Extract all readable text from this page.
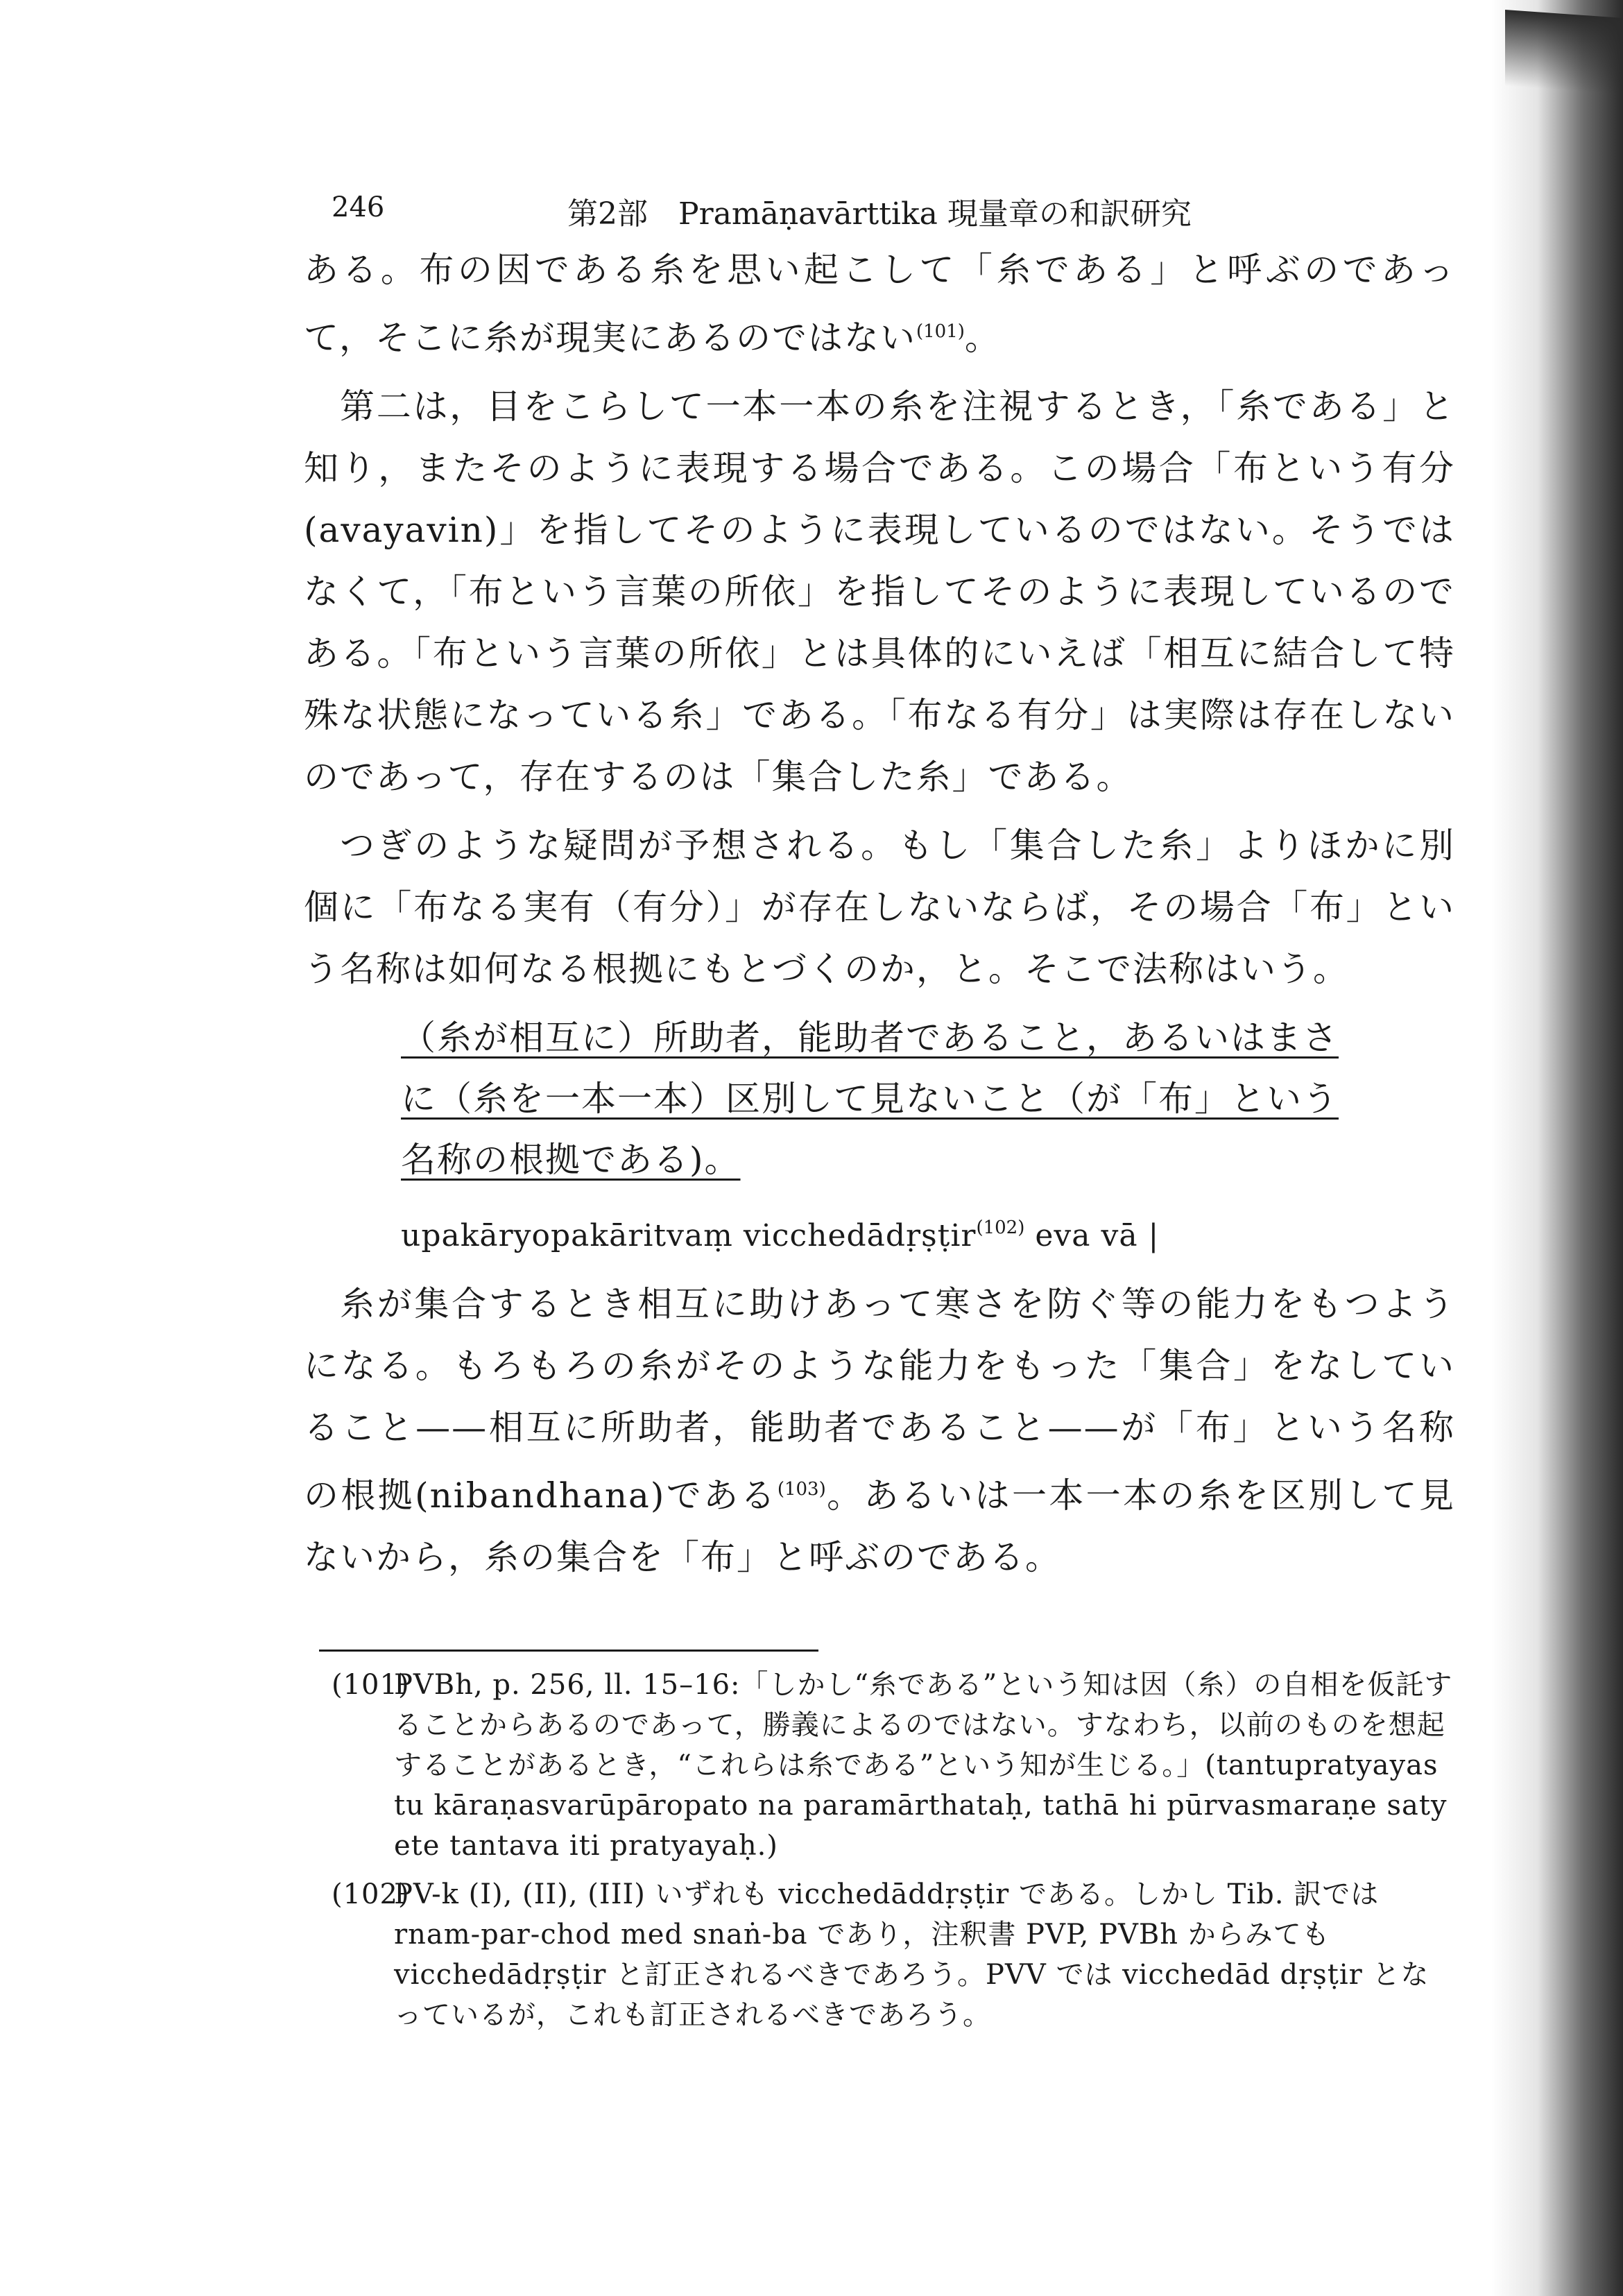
246	第2部　Pramāṇavārttika 現量章の和訳研究

ある。布の因である糸を思い起こして「糸である」と呼ぶのであって，そこに糸が現実にあるのではない$^{(101)}$。

第二は，目をこらして一本一本の糸を注視するとき，「糸である」と知り，またそのように表現する場合である。この場合「布という有分(avayavin)」を指してそのように表現しているのではない。そうではなくて，「布という言葉の所依」を指してそのように表現しているのである。「布という言葉の所依」とは具体的にいえば「相互に結合して特殊な状態になっている糸」である。「布なる有分」は実際は存在しないのであって，存在するのは「集合した糸」である。

つぎのような疑問が予想される。もし「集合した糸」よりほかに別個に「布なる実有（有分）」が存在しないならば，その場合「布」という名称は如何なる根拠にもとづくのか，と。そこで法称はいう。

（糸が相互に）所助者，能助者であること，あるいはまさに（糸を一本一本）区別して見ないこと（が「布」という名称の根拠である)。
upakāryopakāritvaṃ vicchedādṛṣṭir$^{(102)}$ eva vā |

糸が集合するとき相互に助けあって寒さを防ぐ等の能力をもつようになる。もろもろの糸がそのような能力をもった「集合」をなしていること——相互に所助者，能助者であること——が「布」という名称の根拠(nibandhana)である$^{(103)}$。あるいは一本一本の糸を区別して見ないから，糸の集合を「布」と呼ぶのである。

(101)PVBh, p. 256, ll. 15–16:「しかし“糸である”という知は因（糸）の自相を仮託することからあるのであって，勝義によるのではない。すなわち，以前のものを想起することがあるとき，“これらは糸である”という知が生じる。」(tantupratyayas tu kāraṇasvarūpāropato na paramārthataḥ, tathā hi pūrvasmaraṇe saty ete tantava iti pratyayaḥ.)

(102)PV-k (I), (II), (III) いずれも vicchedāddṛṣṭir である。しかし Tib. 訳では rnam-par-chod med snaṅ-ba であり，注釈書 PVP, PVBh からみても vicchedādṛṣṭir と訂正されるべきであろう。PVV では vicchedād dṛṣṭir となっているが，これも訂正されるべきであろう。
